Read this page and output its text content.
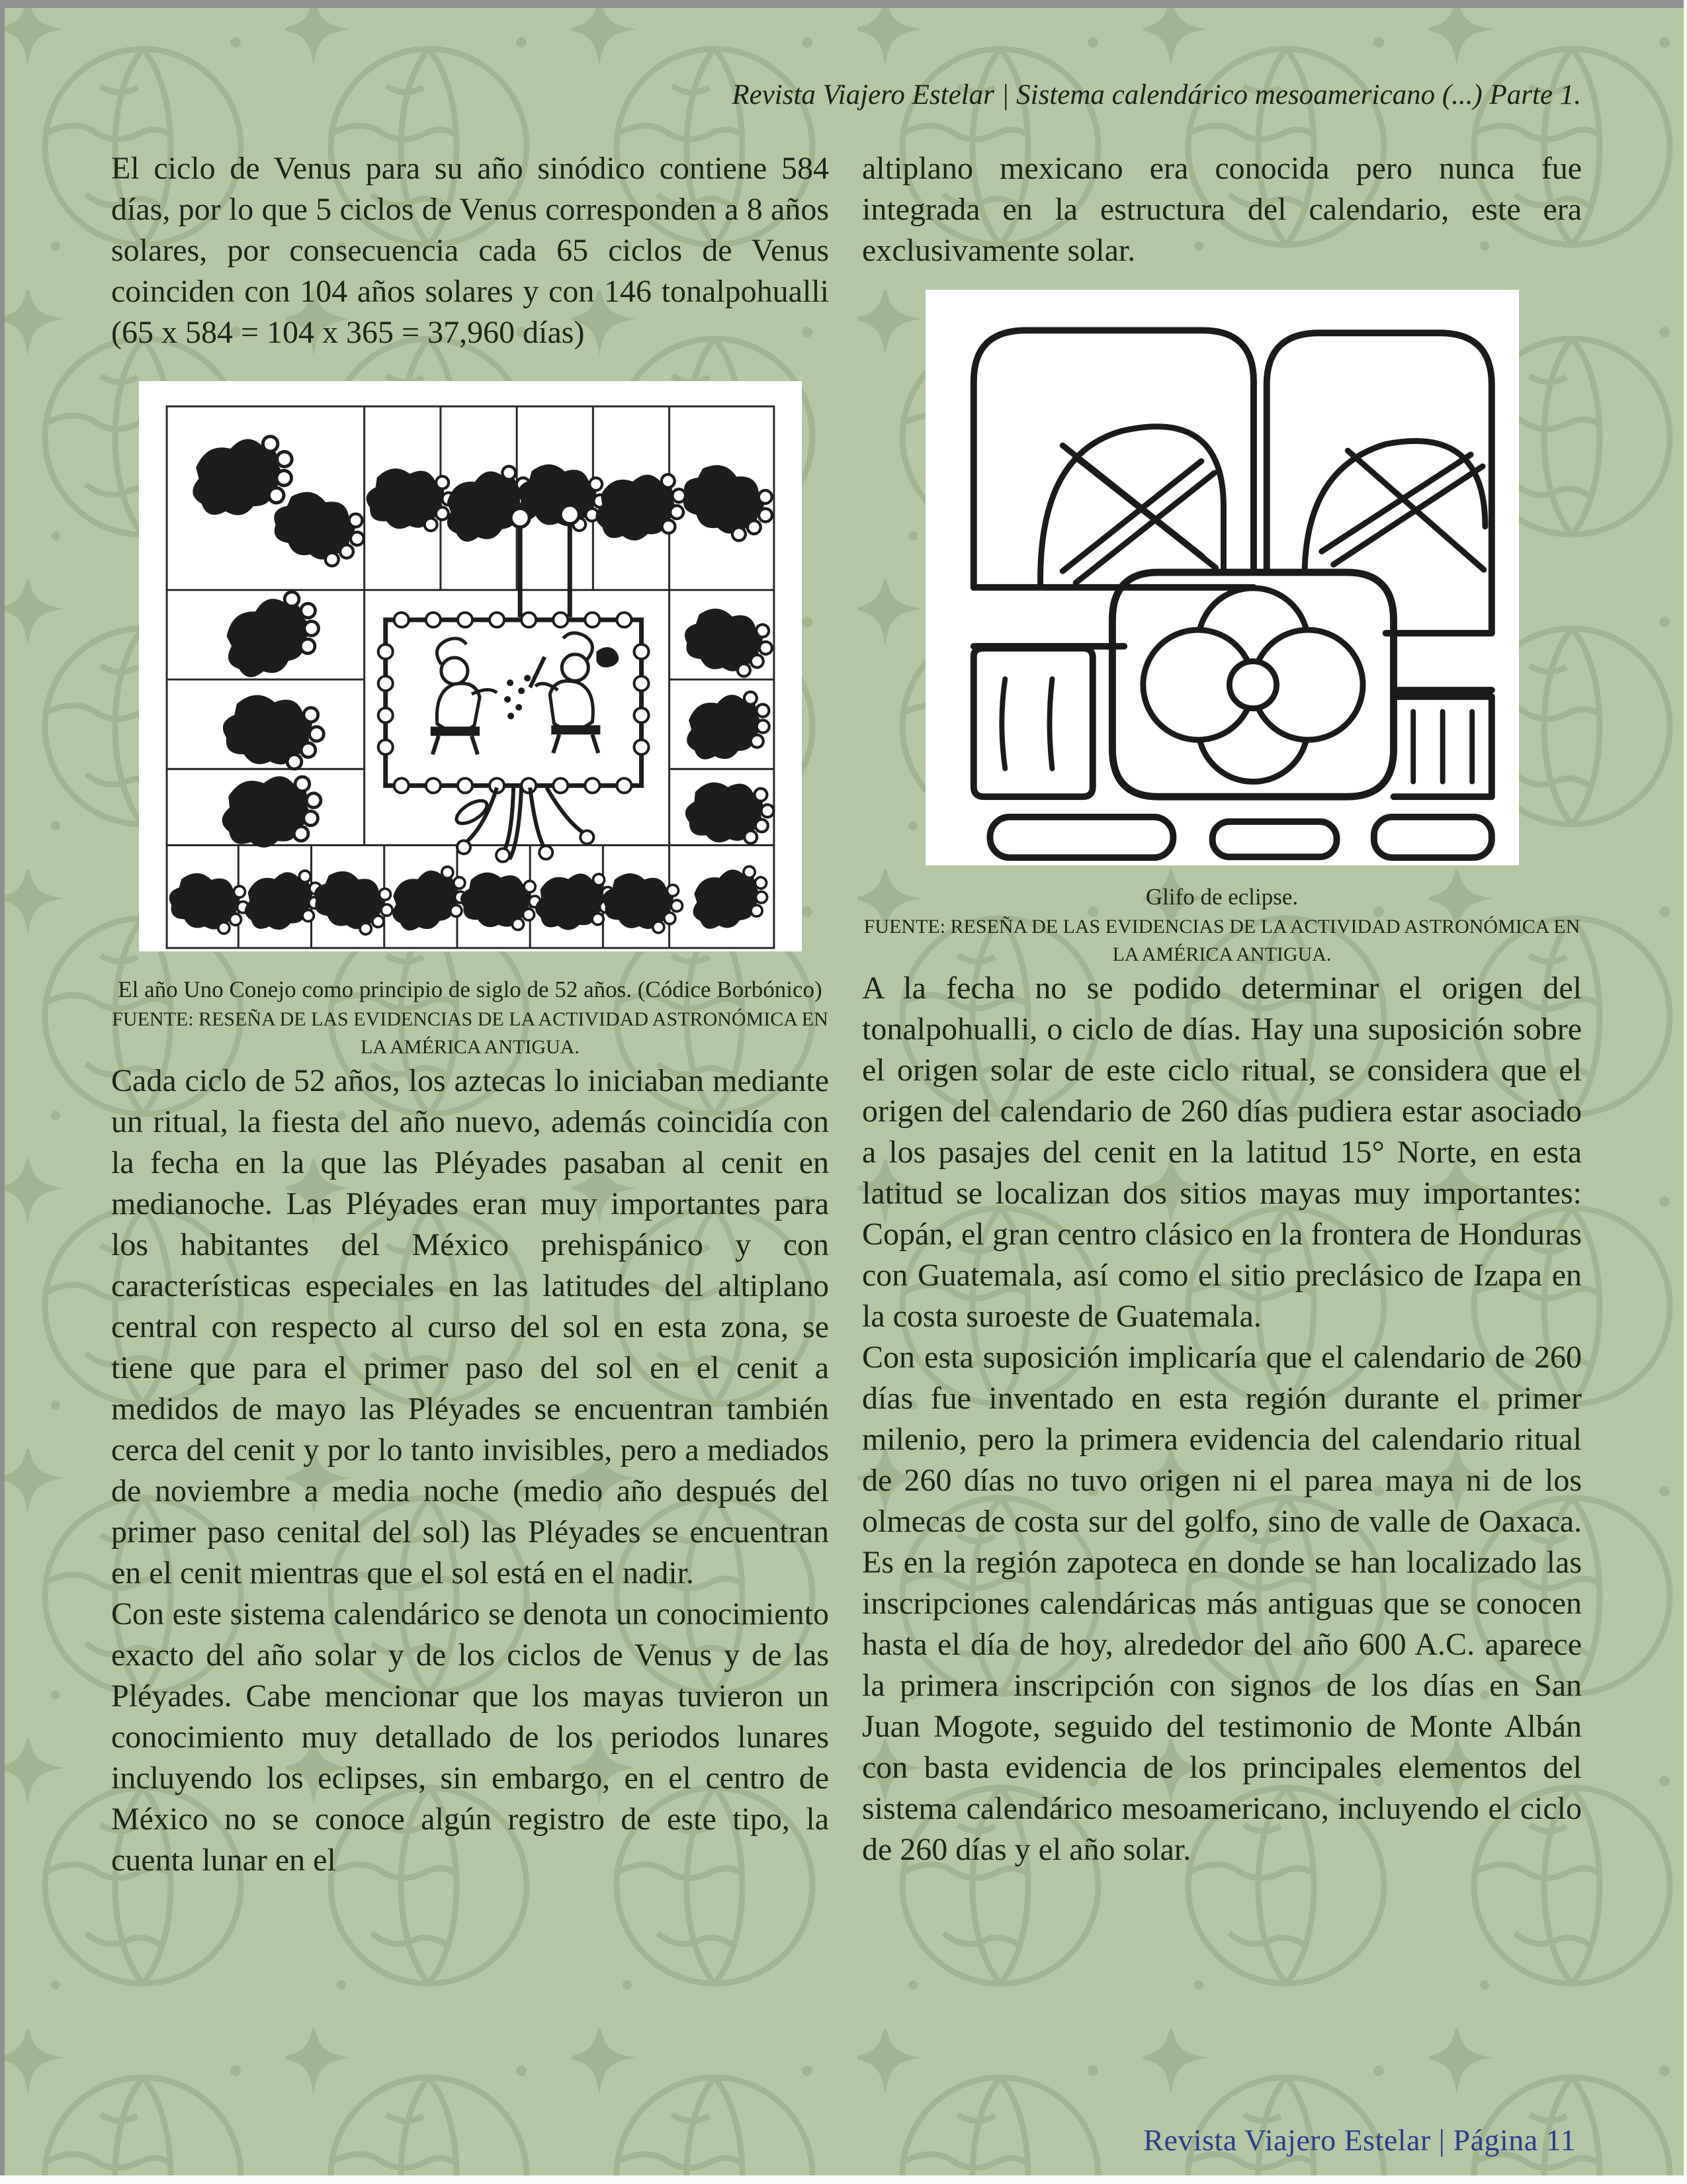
Revista Viajero Estelar | Sistema calendárico mesoamericano (...) Parte 1.

El ciclo de Venus para su año sinódico contiene 584 días, por lo que 5 ciclos de Venus corresponden a 8 años solares, por consecuencia cada 65 ciclos de Venus coinciden con 104 años solares y con 146 tonalpohualli (65 x 584 = 104 x 365 = 37,960 días)

El año Uno Conejo como principio de siglo de 52 años. (Códice Borbónico)

FUENTE: RESEÑA DE LAS EVIDENCIAS DE LA ACTIVIDAD ASTRONÓMICA EN LA AMÉRICA ANTIGUA.

Cada ciclo de 52 años, los aztecas lo iniciaban mediante un ritual, la fiesta del año nuevo, además coincidía con la fecha en la que las Pléyades pasaban al cenit en medianoche. Las Pléyades eran muy importantes para los habitantes del México prehispánico y con características especiales en las latitudes del altiplano central con respecto al curso del sol en esta zona, se tiene que para el primer paso del sol en el cenit a medidos de mayo las Pléyades se encuentran también cerca del cenit y por lo tanto invisibles, pero a mediados de noviembre a media noche (medio año después del primer paso cenital del sol) las Pléyades se encuentran en el cenit mientras que el sol está en el nadir.

Con este sistema calendárico se denota un conocimiento exacto del año solar y de los ciclos de Venus y de las Pléyades. Cabe mencionar que los mayas tuvieron un conocimiento muy detallado de los periodos lunares incluyendo los eclipses, sin embargo, en el centro de México no se conoce algún registro de este tipo, la cuenta lunar en el

altiplano mexicano era conocida pero nunca fue integrada en la estructura del calendario, este era exclusivamente solar.

Glifo de eclipse.

FUENTE: RESEÑA DE LAS EVIDENCIAS DE LA ACTIVIDAD ASTRONÓMICA EN LA AMÉRICA ANTIGUA.

A la fecha no se podido determinar el origen del tonalpohualli, o ciclo de días. Hay una suposición sobre el origen solar de este ciclo ritual, se considera que el origen del calendario de 260 días pudiera estar asociado a los pasajes del cenit en la latitud 15° Norte, en esta latitud se localizan dos sitios mayas muy importantes: Copán, el gran centro clásico en la frontera de Honduras con Guatemala, así como el sitio preclásico de Izapa en la costa suroeste de Guatemala.

Con esta suposición implicaría que el calendario de 260 días fue inventado en esta región durante el primer milenio, pero la primera evidencia del calendario ritual de 260 días no tuvo origen ni el parea maya ni de los olmecas de costa sur del golfo, sino de valle de Oaxaca. Es en la región zapoteca en donde se han localizado las inscripciones calendáricas más antiguas que se conocen hasta el día de hoy, alrededor del año 600 A.C. aparece la primera inscripción con signos de los días en San Juan Mogote, seguido del testimonio de Monte Albán con basta evidencia de los principales elementos del sistema calendárico mesoamericano, incluyendo el ciclo de 260 días y el año solar.

Revista Viajero Estelar | Página 11
